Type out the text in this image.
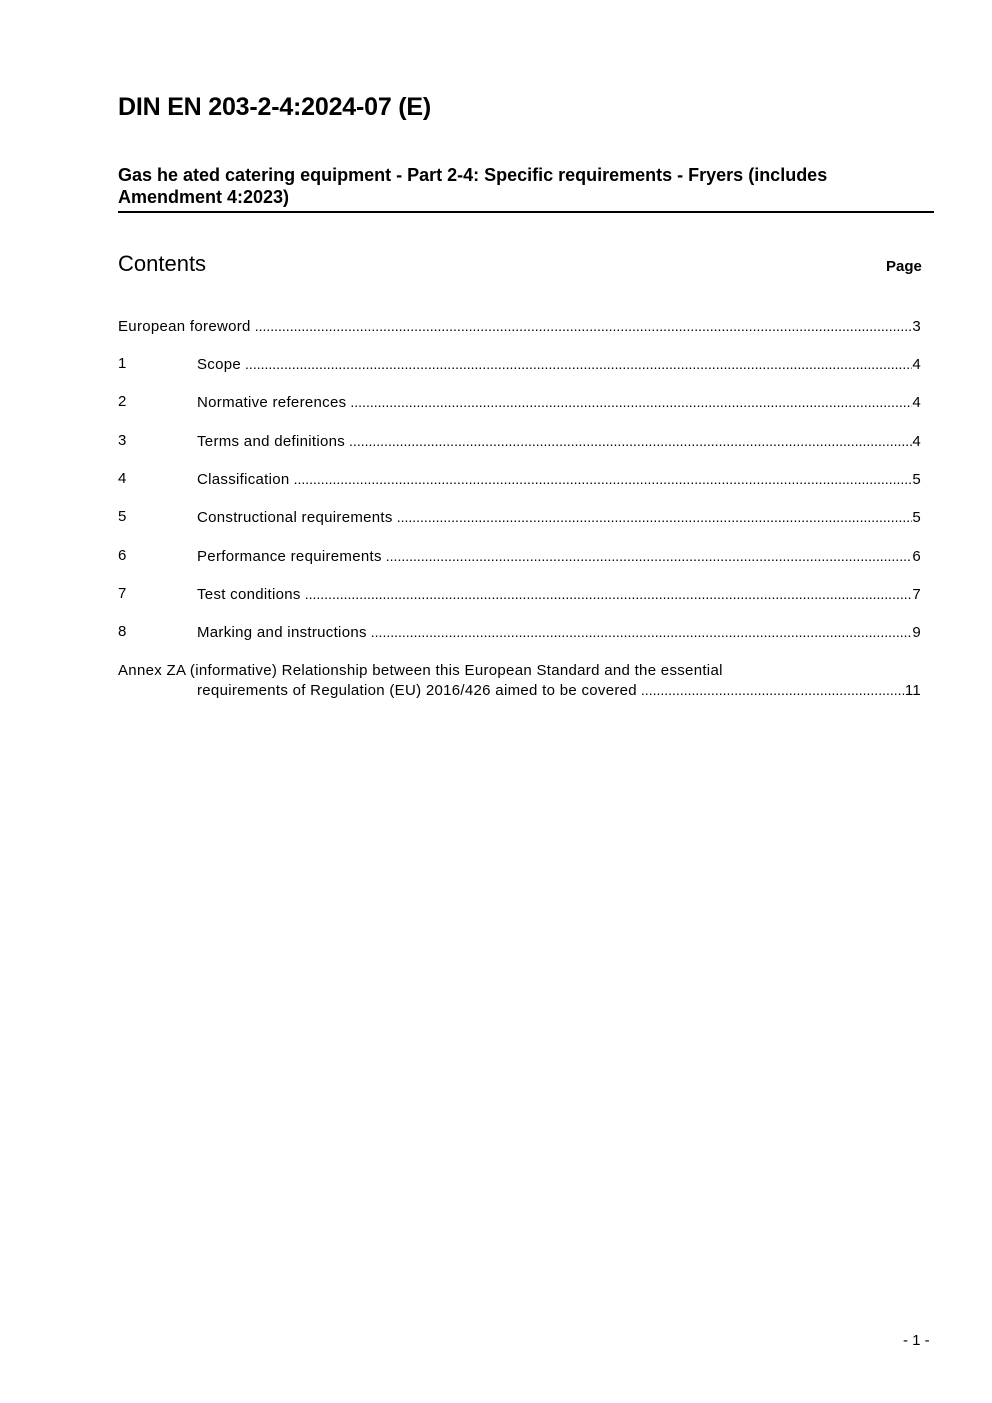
DIN EN 203-2-4:2024-07 (E)
Gas he ated catering equipment - Part 2-4: Specific requirements - Fryers (includes Amendment 4:2023)
Contents	Page
European foreword .....	3
1	Scope .....	4
2	Normative references .....	4
3	Terms and definitions .....	4
4	Classification .....	5
5	Constructional requirements .....	5
6	Performance requirements .....	6
7	Test conditions .....	7
8	Marking and instructions .....	9
Annex ZA (informative) Relationship between this European Standard and the essential
requirements of Regulation (EU) 2016/426 aimed to be covered .....	11
- 1 -
